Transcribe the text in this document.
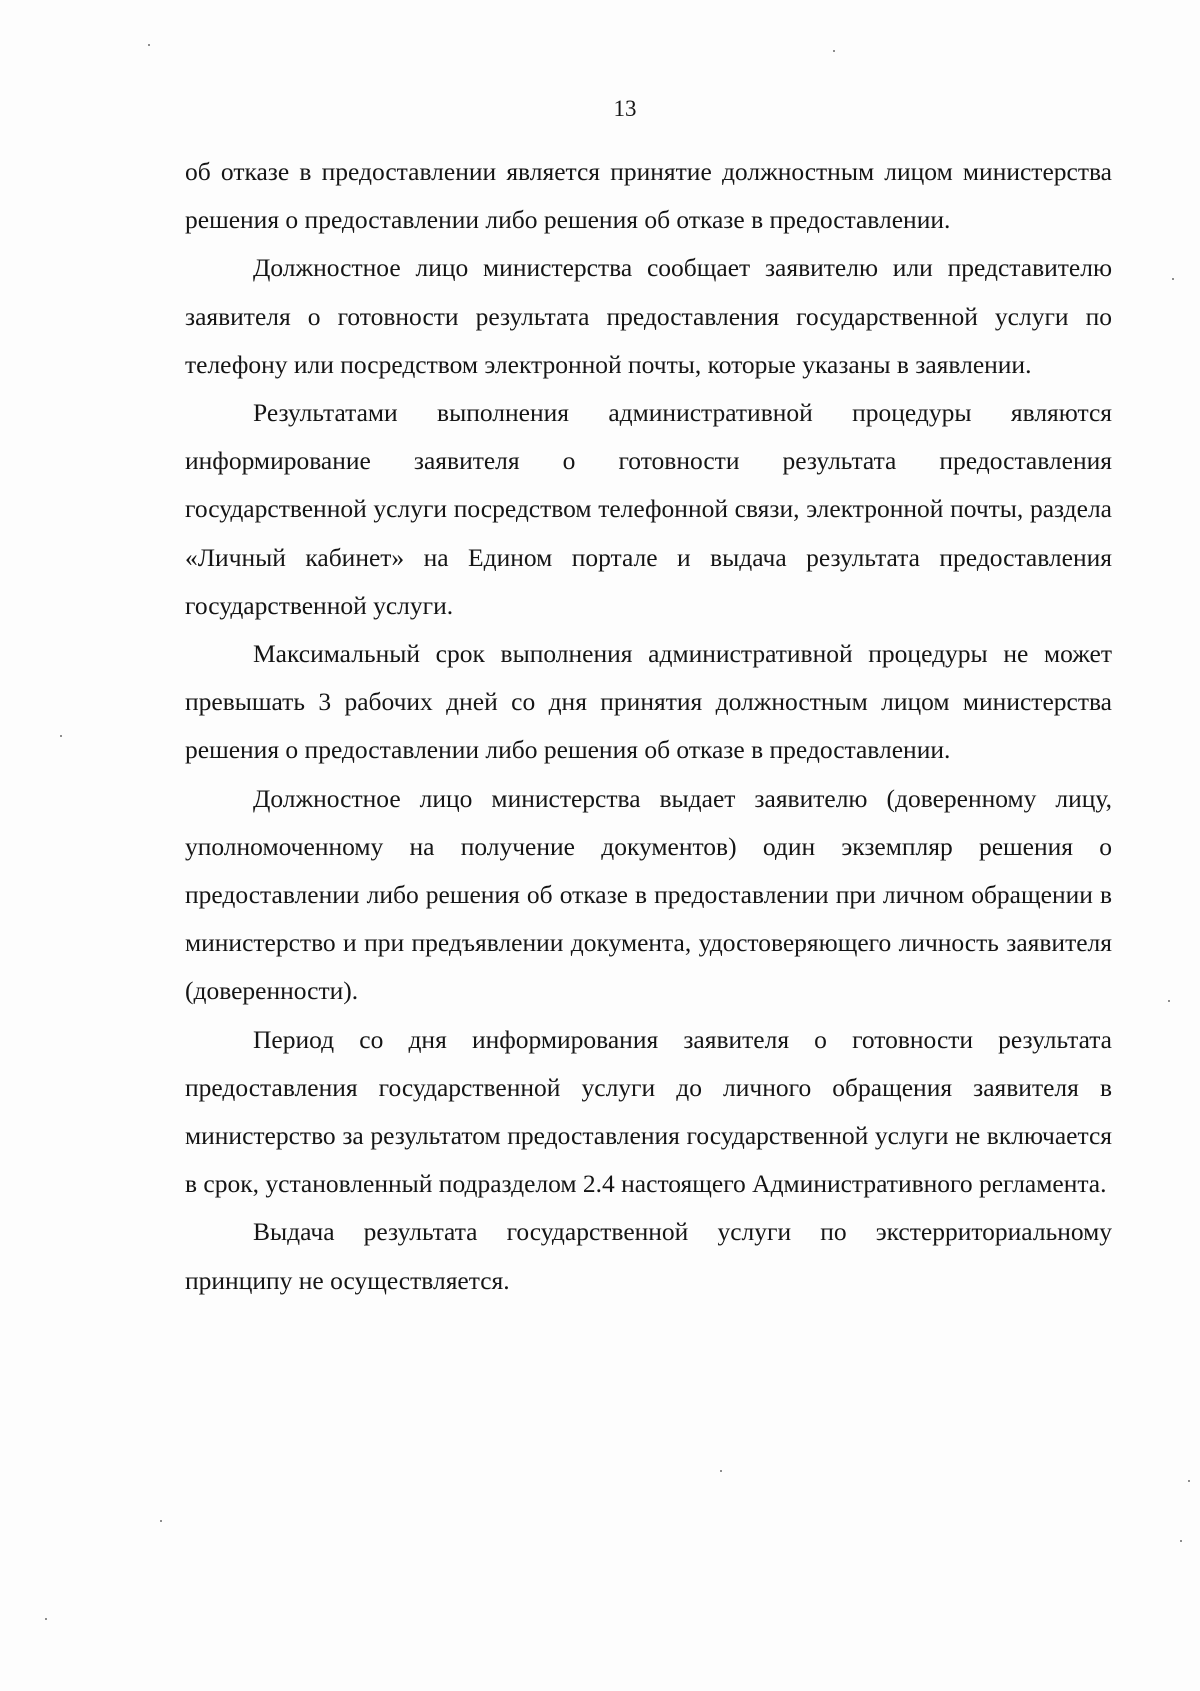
13

об отказе в предоставлении является принятие должностным лицом министерства решения о предоставлении либо решения об отказе в предоставлении.

Должностное лицо министерства сообщает заявителю или представителю заявителя о готовности результата предоставления государственной услуги по телефону или посредством электронной почты, которые указаны в заявлении.

Результатами выполнения административной процедуры являются информирование заявителя о готовности результата предоставления государственной услуги посредством телефонной связи, электронной почты, раздела «Личный кабинет» на Едином портале и выдача результата предоставления государственной услуги.

Максимальный срок выполнения административной процедуры не может превышать 3 рабочих дней со дня принятия должностным лицом министерства решения о предоставлении либо решения об отказе в предоставлении.

Должностное лицо министерства выдает заявителю (доверенному лицу, уполномоченному на получение документов) один экземпляр решения о предоставлении либо решения об отказе в предоставлении при личном обращении в министерство и при предъявлении документа, удостоверяющего личность заявителя (доверенности).

Период со дня информирования заявителя о готовности результата предоставления государственной услуги до личного обращения заявителя в министерство за результатом предоставления государственной услуги не включается в срок, установленный подразделом 2.4 настоящего Административного регламента.

Выдача результата государственной услуги по экстерриториальному принципу не осуществляется.
